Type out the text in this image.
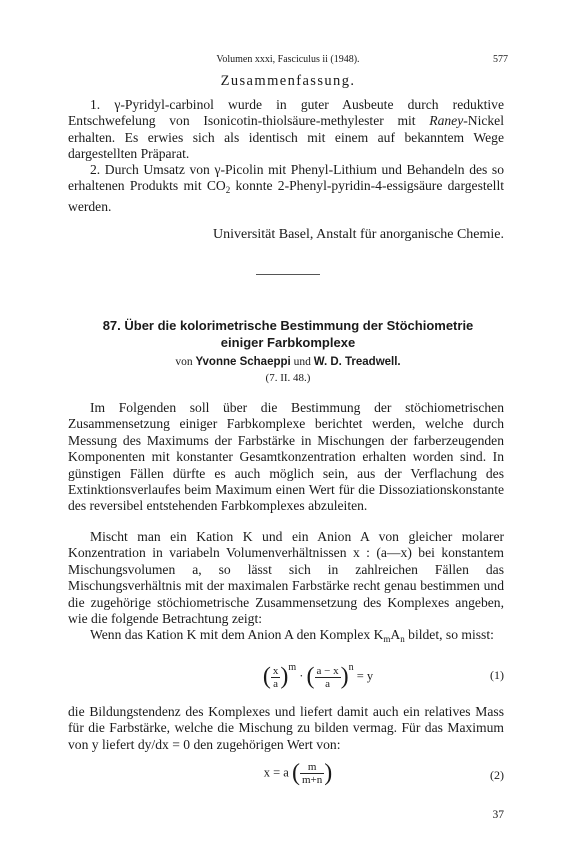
Volumen xxxi, Fasciculus ii (1948).	577
Zusammenfassung.

1. γ-Pyridyl-carbinol wurde in guter Ausbeute durch reduktive Entschwefelung von Isonicotin-thiolsäure-methylester mit Raney-Nickel erhalten. Es erwies sich als identisch mit einem auf bekanntem Wege dargestellten Präparat.

2. Durch Umsatz von γ-Picolin mit Phenyl-Lithium und Behandeln des so erhaltenen Produkts mit $CO_2$ konnte 2-Phenyl-pyridin-4-essigsäure dargestellt werden.

Universität Basel, Anstalt für anorganische Chemie.
87. Über die kolorimetrische Bestimmung der Stöchiometrie
einiger Farbkomplexe
von Yvonne Schaeppi und W. D. Treadwell.
(7. II. 48.)

Im Folgenden soll über die Bestimmung der stöchiometrischen Zusammensetzung einiger Farbkomplexe berichtet werden, welche durch Messung des Maximums der Farbstärke in Mischungen der farberzeugenden Komponenten mit konstanter Gesamtkonzentration erhalten worden sind. In günstigen Fällen dürfte es auch möglich sein, aus der Verflachung des Extinktionsverlaufes beim Maximum einen Wert für die Dissoziationskonstante des reversibel entstehenden Farbkomplexes abzuleiten.

Mischt man ein Kation K und ein Anion A von gleicher molarer Konzentration in variabeln Volumenverhältnissen x : (a—x) bei konstantem Mischungsvolumen a, so lässt sich in zahlreichen Fällen das Mischungsverhältnis mit der maximalen Farbstärke recht genau bestimmen und die zugehörige stöchiometrische Zusammensetzung des Komplexes angeben, wie die folgende Betrachtung zeigt:

Wenn das Kation K mit dem Anion A den Komplex $K_mA_n$ bildet, so misst:

( $\frac{x}{a} )^m$ · ( $\frac{a - x}{a} )^n = y$	(1)

die Bildungstendenz des Komplexes und liefert damit auch ein relatives Mass für die Farbstärke, welche die Mischung zu bilden vermag. Für das Maximum von y liefert dy/dx = 0 den zugehörigen Wert von:

x = a ( $\frac{m}{m+n}$ )	(2)
37
